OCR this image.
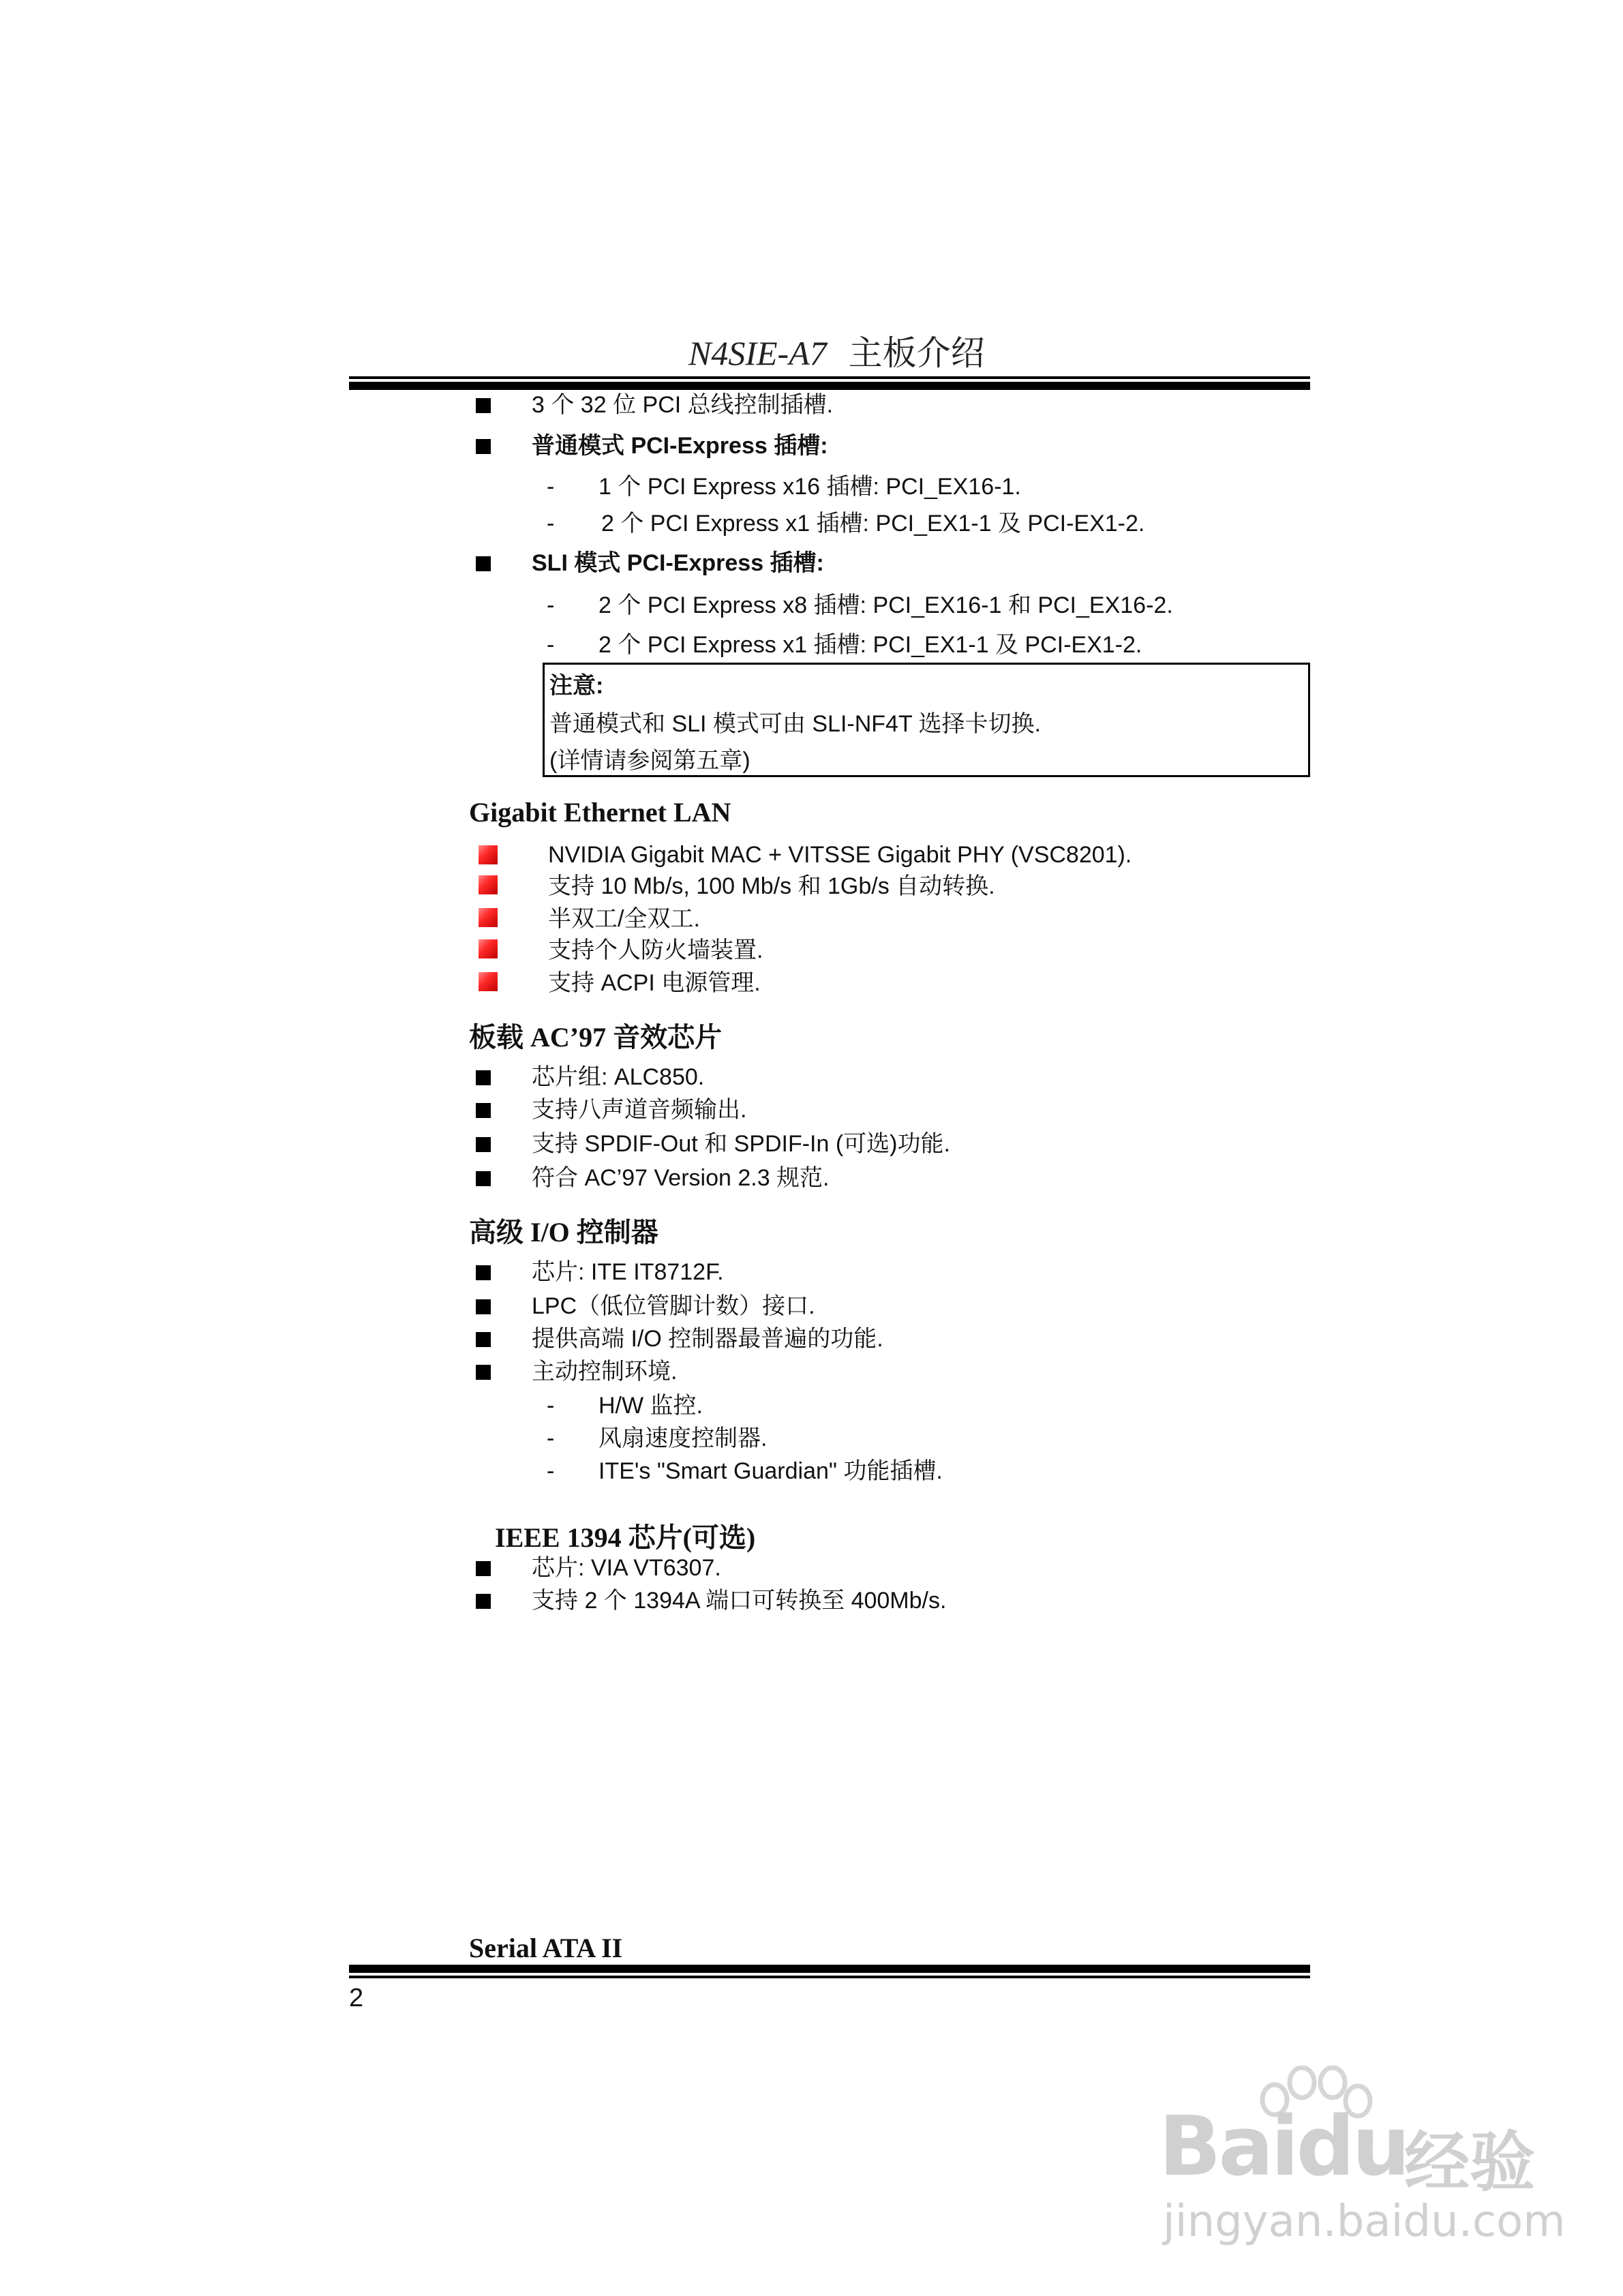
N4SIE-A7 主板介绍
3 个 32 位 PCI 总线控制插槽.
普通模式 PCI-Express 插槽:
- 1 个 PCI Express x16 插槽: PCI_EX16-1.
- 2 个 PCI Express x1 插槽: PCI_EX1-1 及 PCI-EX1-2.
SLI 模式 PCI-Express 插槽:
- 2 个 PCI Express x8 插槽: PCI_EX16-1 和 PCI_EX16-2.
- 2 个 PCI Express x1 插槽: PCI_EX1-1 及 PCI-EX1-2.
注意:
普通模式和 SLI 模式可由 SLI-NF4T 选择卡切换.
(详情请参阅第五章)
Gigabit Ethernet LAN
NVIDIA Gigabit MAC + VITSSE Gigabit PHY (VSC8201).
支持 10 Mb/s, 100 Mb/s 和 1Gb/s 自动转换.
半双工/全双工.
支持个人防火墙装置.
支持 ACPI 电源管理.
板载 AC’97 音效芯片
芯片组: ALC850.
支持八声道音频输出.
支持 SPDIF-Out 和 SPDIF-In (可选)功能.
符合 AC’97 Version 2.3 规范.
高级 I/O 控制器
芯片: ITE IT8712F.
LPC（低位管脚计数）接口.
提供高端 I/O 控制器最普遍的功能.
主动控制环境.
- H/W 监控.
- 风扇速度控制器.
- ITE's "Smart Guardian" 功能插槽.
IEEE 1394 芯片(可选)
芯片: VIA VT6307.
支持 2 个 1394A 端口可转换至 400Mb/s.
Serial ATA II
2
Baidu
经验
jingyan.baidu.com
